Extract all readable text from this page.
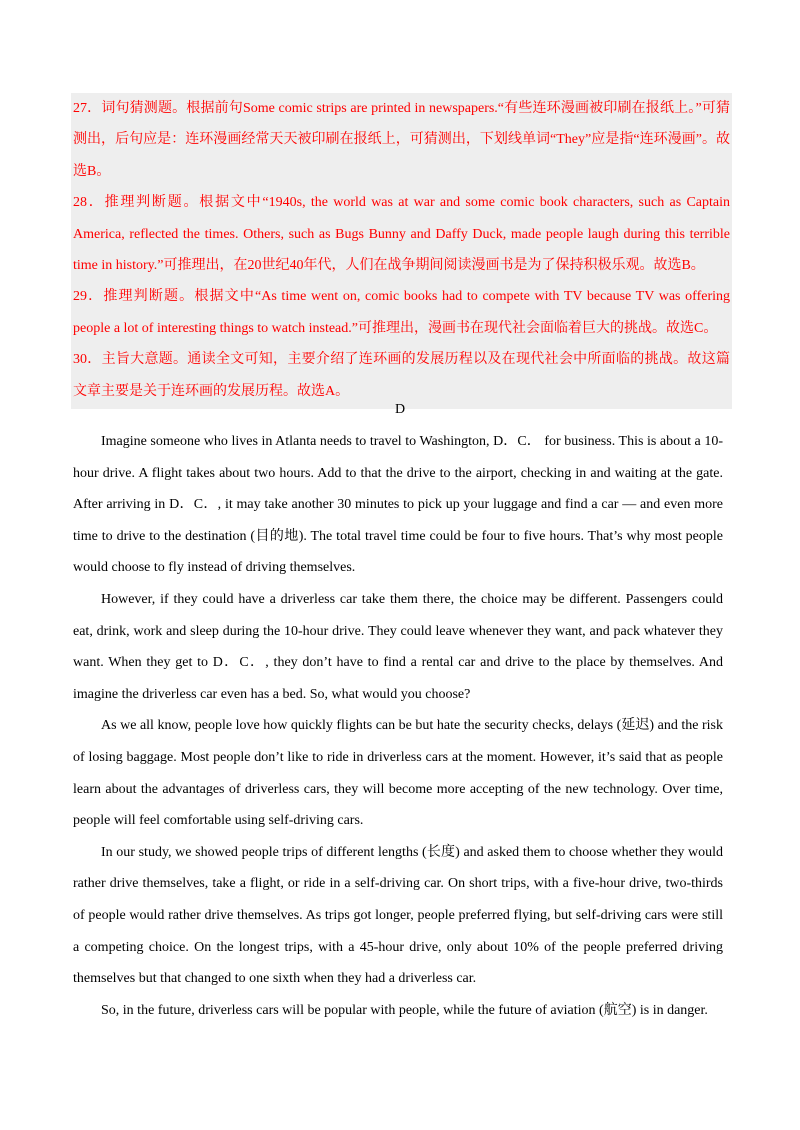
27．词句猜测题。根据前句Some comic strips are printed in newspapers.“有些连环漫画被印刷在报纸上。”可猜测出，后句应是：连环漫画经常天天被印刷在报纸上，可猜测出，下划线单词“They”应是指“连环漫画”。故选B。

28．推理判断题。根据文中“1940s, the world was at war and some comic book characters, such as Captain America, reflected the times. Others, such as Bugs Bunny and Daffy Duck, made people laugh during this terrible time in history.”可推理出，在20世纪40年代，人们在战争期间阅读漫画书是为了保持积极乐观。故选B。

29．推理判断题。根据文中“As time went on, comic books had to compete with TV because TV was offering people a lot of interesting things to watch instead.”可推理出，漫画书在现代社会面临着巨大的挑战。故选C。

30．主旨大意题。通读全文可知，主要介绍了连环画的发展历程以及在现代社会中所面临的挑战。故这篇文章主要是关于连环画的发展历程。故选A。

D

Imagine someone who lives in Atlanta needs to travel to Washington, D．C． for business. This is about a 10-hour drive. A flight takes about two hours. Add to that the drive to the airport, checking in and waiting at the gate. After arriving in D．C．, it may take another 30 minutes to pick up your luggage and find a car — and even more time to drive to the destination (目的地). The total travel time could be four to five hours. That’s why most people would choose to fly instead of driving themselves.

However, if they could have a driverless car take them there, the choice may be different. Passengers could eat, drink, work and sleep during the 10-hour drive. They could leave whenever they want, and pack whatever they want. When they get to D．C．, they don’t have to find a rental car and drive to the place by themselves. And imagine the driverless car even has a bed. So, what would you choose?

As we all know, people love how quickly flights can be but hate the security checks, delays (延迟) and the risk of losing baggage. Most people don’t like to ride in driverless cars at the moment. However, it’s said that as people learn about the advantages of driverless cars, they will become more accepting of the new technology. Over time, people will feel comfortable using self-driving cars.

In our study, we showed people trips of different lengths (长度) and asked them to choose whether they would rather drive themselves, take a flight, or ride in a self-driving car. On short trips, with a five-hour drive, two-thirds of people would rather drive themselves. As trips got longer, people preferred flying, but self-driving cars were still a competing choice. On the longest trips, with a 45-hour drive, only about 10% of the people preferred driving themselves but that changed to one sixth when they had a driverless car.

So, in the future, driverless cars will be popular with people, while the future of aviation (航空) is in danger.
